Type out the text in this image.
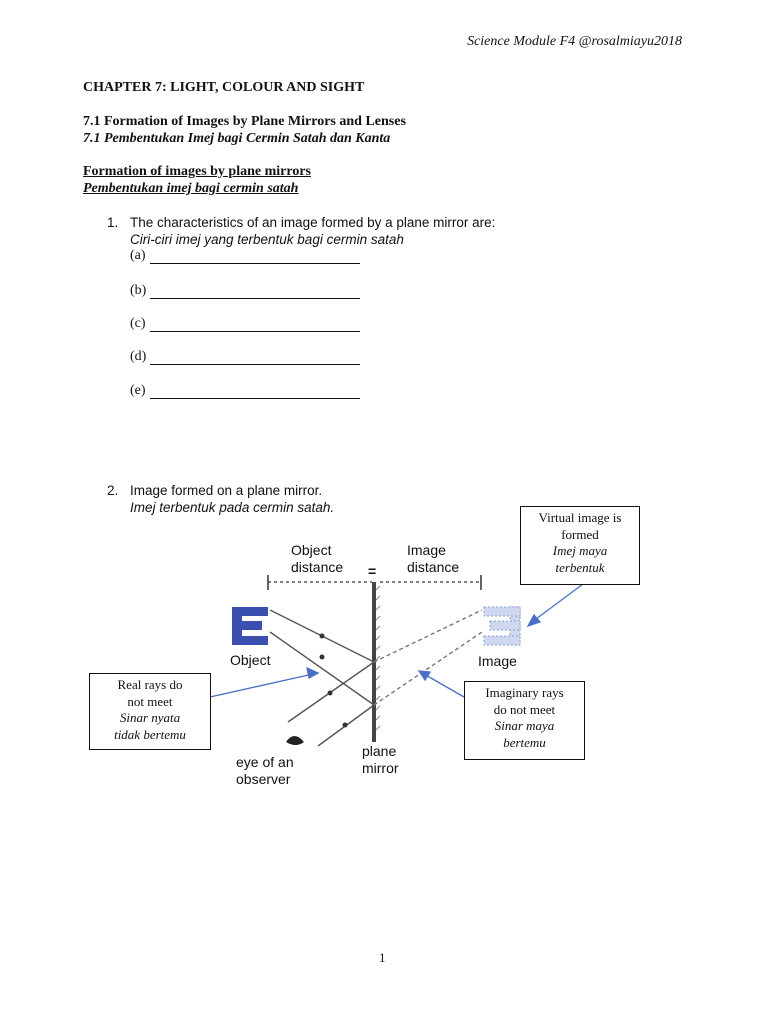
Science Module F4 @rosalmiayu2018
CHAPTER 7: LIGHT, COLOUR AND SIGHT
7.1 Formation of Images by Plane Mirrors and Lenses
7.1 Pembentukan Imej bagi Cermin Satah dan Kanta
Formation of images by plane mirrors
Pembentukan imej bagi cermin satah
1. The characteristics of an image formed by a plane mirror are:
Ciri-ciri imej yang terbentuk bagi cermin satah
(a)
(b)
(c)
(d)
(e)
2. Image formed on a plane mirror.
Imej terbentuk pada cermin satah.
Object
distance =
Image
distance
Object	Image
eye of an
observer
plane
mirror
Virtual image is
formed
Imej maya
terbentuk
Real rays do
not meet
Sinar nyata
tidak bertemu
Imaginary rays
do not meet
Sinar maya
bertemu
1
